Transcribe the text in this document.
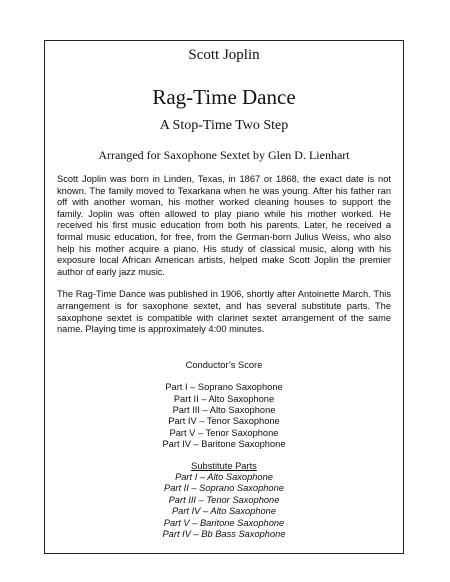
Scott Joplin
Rag-Time Dance
A Stop-Time Two Step
Arranged for Saxophone Sextet by Glen D. Lienhart
Scott Joplin was born in Linden, Texas, in 1867 or 1868, the exact date is not known. The family moved to Texarkana when he was young. After his father ran off with another woman, his mother worked cleaning houses to support the family. Joplin was often allowed to play piano while his mother worked. He received his first music education from both his parents. Later, he received a formal music education, for free, from the German-born Julius Weiss, who also help his mother acquire a piano. His study of classical music, along with his exposure local African American artists, helped make Scott Joplin the premier author of early jazz music.
The Rag-Time Dance was published in 1906, shortly after Antoinette March. This arrangement is for saxophone sextet, and has several substitute parts. The saxophone sextet is compatible with clarinet sextet arrangement of the same name. Playing time is approximately 4:00 minutes.
Conductor’s Score
Part I – Soprano Saxophone
Part II – Alto Saxophone
Part III – Alto Saxophone
Part IV – Tenor Saxophone
Part V – Tenor Saxophone
Part IV – Baritone Saxophone
Substitute Parts
Part I – Alto Saxophone
Part II – Soprano Saxophone
Part III – Tenor Saxophone
Part IV – Alto Saxophone
Part V – Baritone Saxophone
Part IV – Bb Bass Saxophone
